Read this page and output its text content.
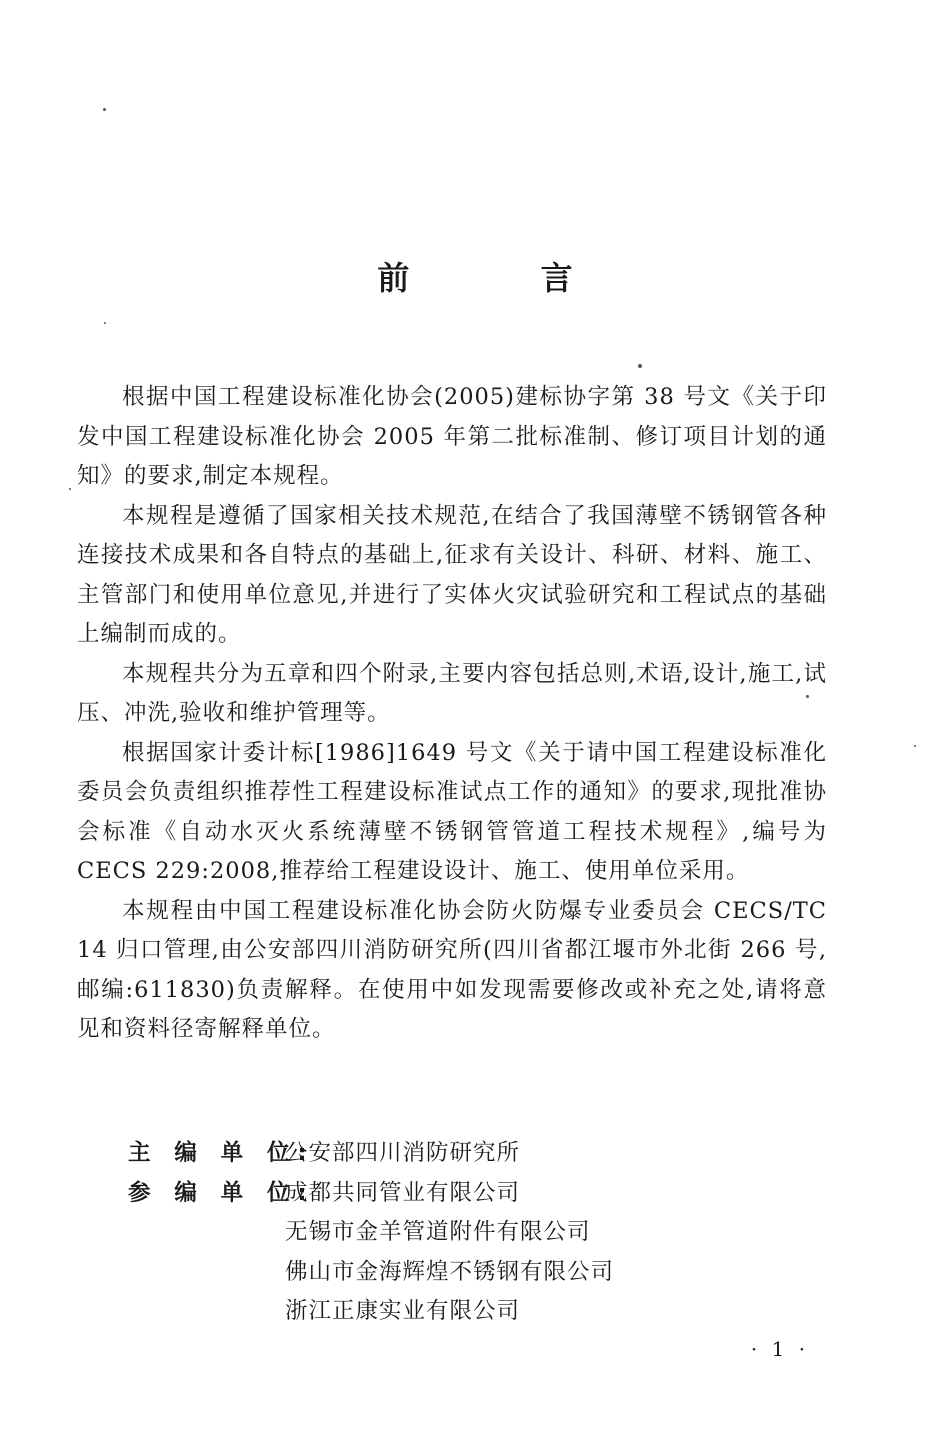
前 言

根据中国工程建设标准化协会(2005)建标协字第 38 号文《关于印发中国工程建设标准化协会 2005 年第二批标准制、修订项目计划的通知》的要求,制定本规程。

本规程是遵循了国家相关技术规范,在结合了我国薄壁不锈钢管各种连接技术成果和各自特点的基础上,征求有关设计、科研、材料、施工、主管部门和使用单位意见,并进行了实体火灾试验研究和工程试点的基础上编制而成的。

本规程共分为五章和四个附录,主要内容包括总则,术语,设计,施工,试压、冲洗,验收和维护管理等。

根据国家计委计标[1986]1649 号文《关于请中国工程建设标准化委员会负责组织推荐性工程建设标准试点工作的通知》的要求,现批准协会标准《自动水灭火系统薄壁不锈钢管管道工程技术规程》,编号为 CECS 229:2008,推荐给工程建设设计、施工、使用单位采用。

本规程由中国工程建设标准化协会防火防爆专业委员会 CECS/TC 14 归口管理,由公安部四川消防研究所(四川省都江堰市外北街 266 号,邮编:611830)负责解释。在使用中如发现需要修改或补充之处,请将意见和资料径寄解释单位。

主 编 单 位:
公安部四川消防研究所
参 编 单 位:
成都共同管业有限公司
无锡市金羊管道附件有限公司
佛山市金海辉煌不锈钢有限公司
浙江正康实业有限公司
· 1 ·
